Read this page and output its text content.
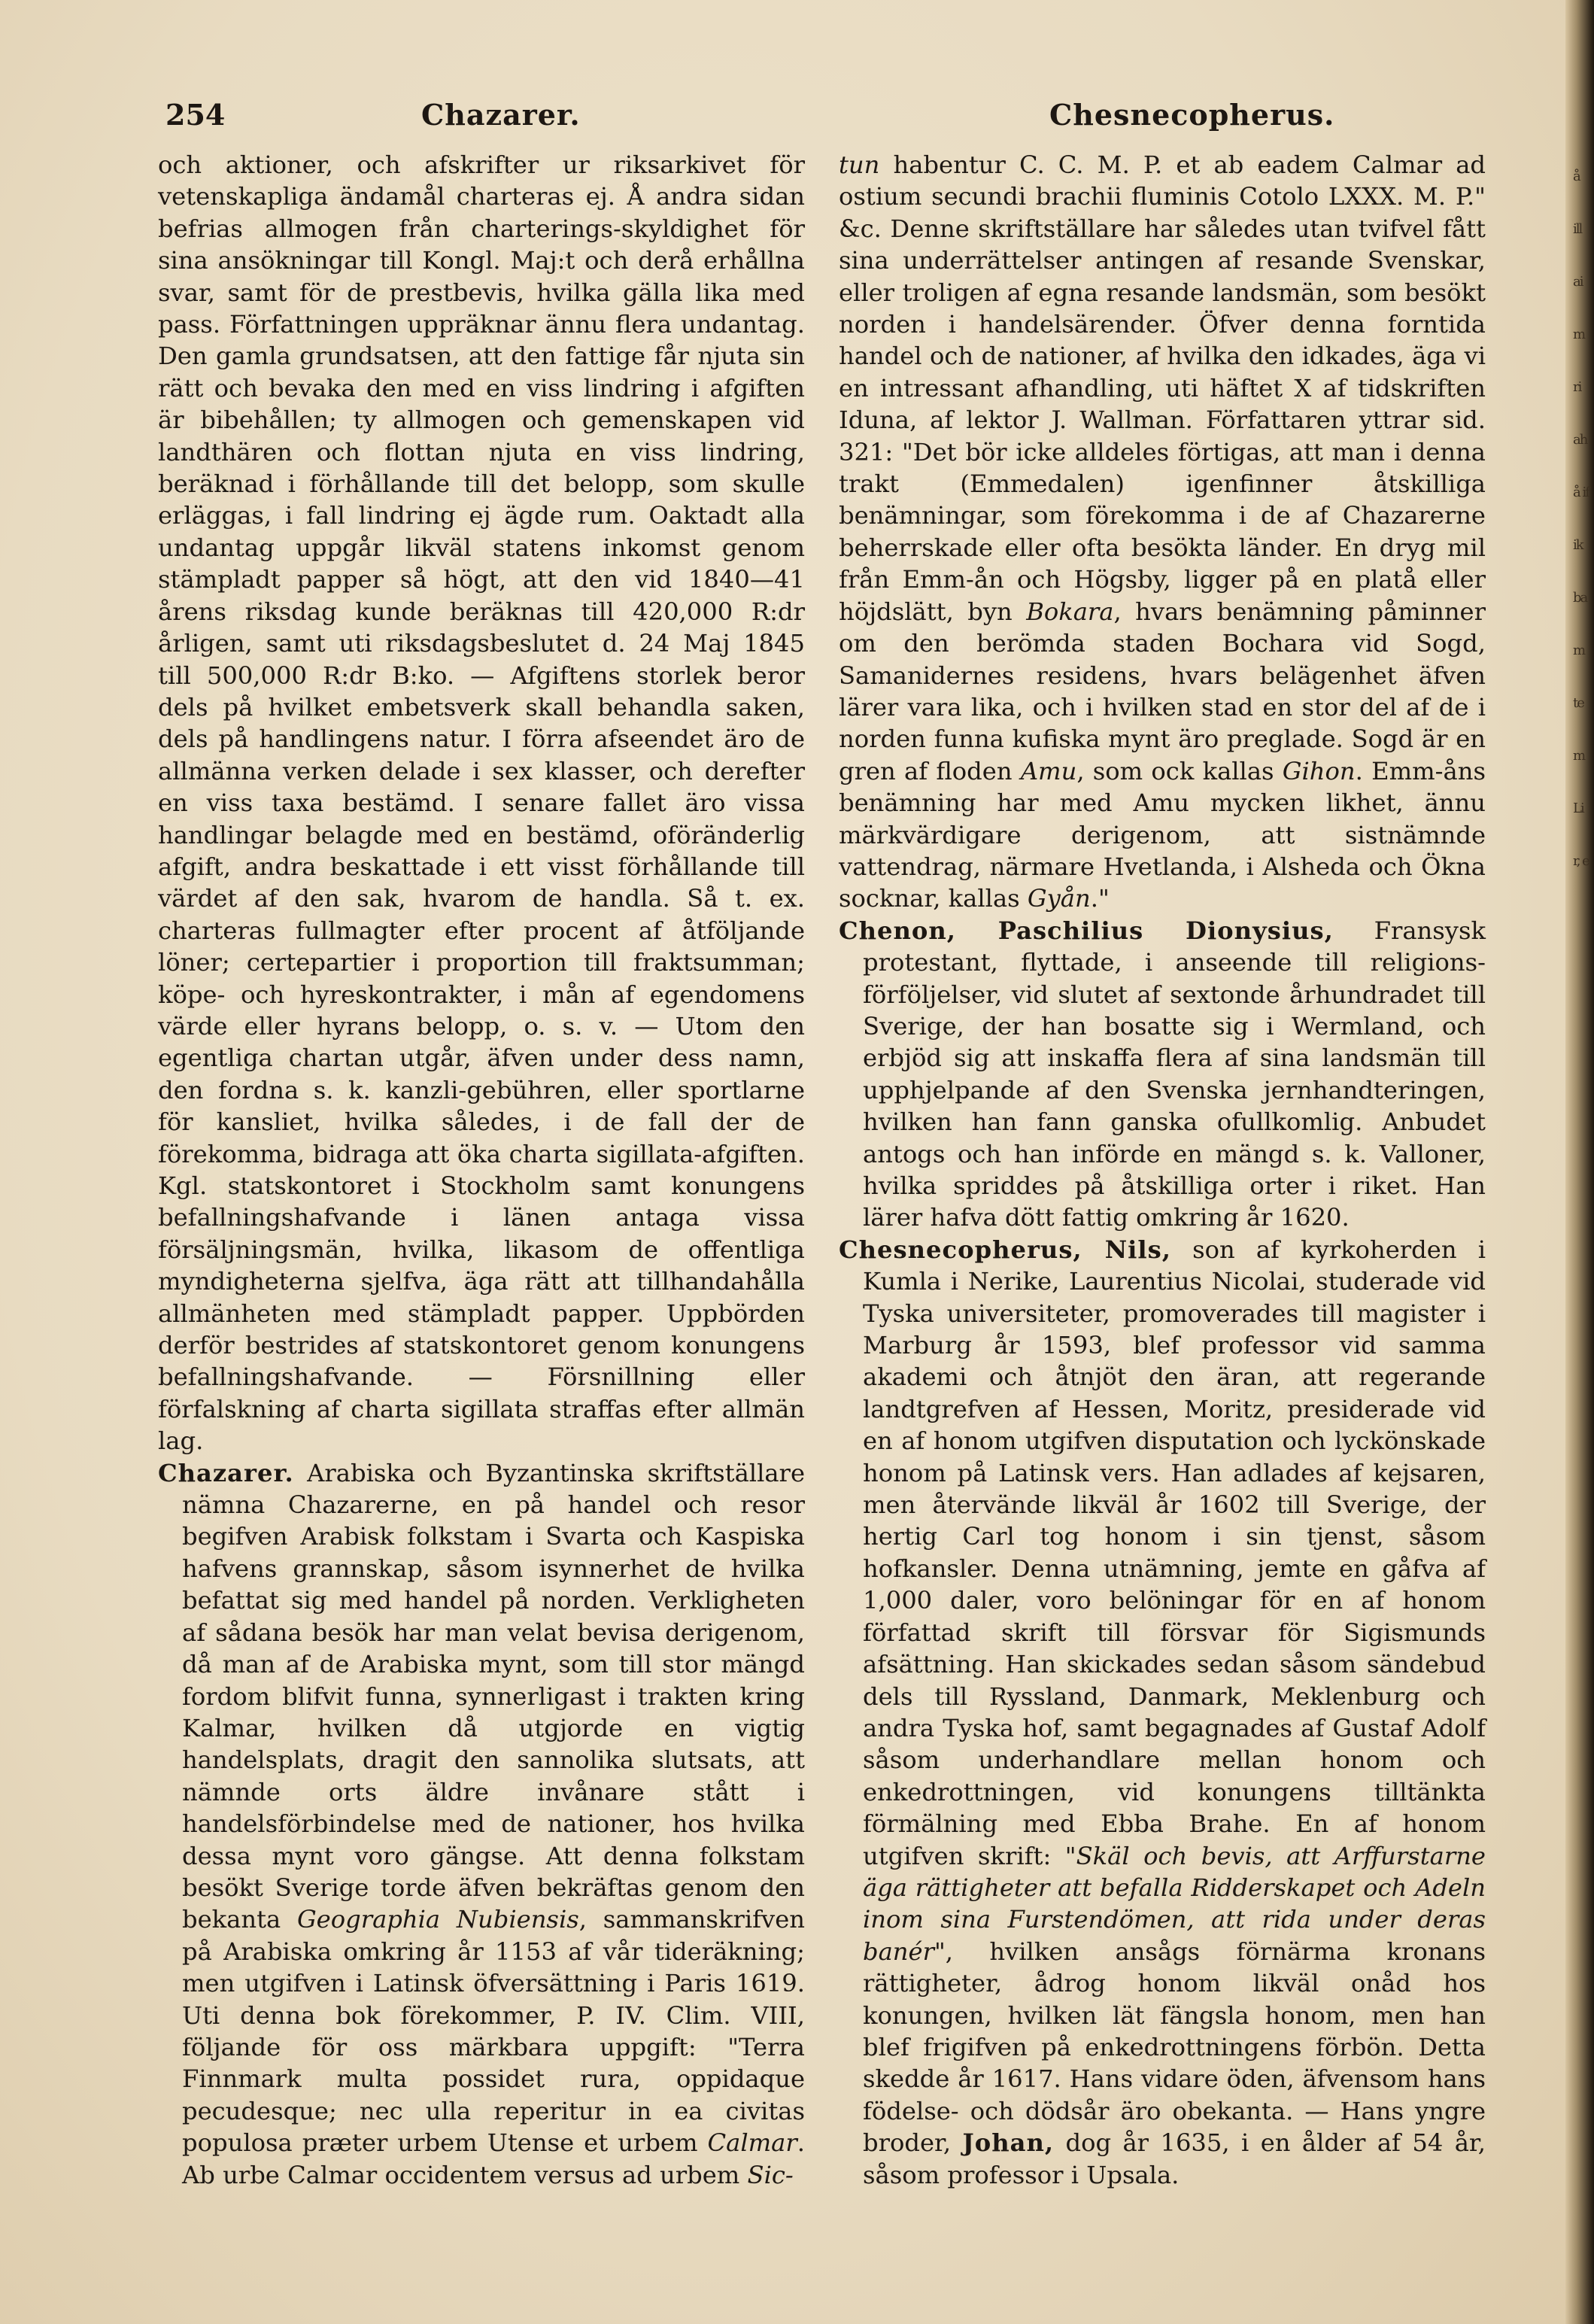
254	Chazarer.	Chesnecopherus.

och aktioner, och afskrifter ur riksarkivet för vetenskapliga ändamål charteras ej. Å andra sidan befrias allmogen från charterings-skyldighet för sina ansökningar till Kongl. Maj:t och derå erhållna svar, samt för de prestbevis, hvilka gälla lika med pass. Författningen uppräknar ännu flera undantag. Den gamla grundsatsen, att den fattige får njuta sin rätt och bevaka den med en viss lindring i afgiften är bibehållen; ty allmogen och gemenskapen vid landthären och flottan njuta en viss lindring, beräknad i förhållande till det belopp, som skulle erläggas, i fall lindring ej ägde rum. Oaktadt alla undantag uppgår likväl statens inkomst genom stämpladt papper så högt, att den vid 1840—41 årens riksdag kunde beräknas till 420,000 R:dr årligen, samt uti riksdagsbeslutet d. 24 Maj 1845 till 500,000 R:dr B:ko. — Afgiftens storlek beror dels på hvilket embetsverk skall behandla saken, dels på handlingens natur. I förra afseendet äro de allmänna verken delade i sex klasser, och derefter en viss taxa bestämd. I senare fallet äro vissa handlingar belagde med en bestämd, oföränderlig afgift, andra beskattade i ett visst förhållande till värdet af den sak, hvarom de handla. Så t. ex. charteras fullmagter efter procent af åtföljande löner; certepartier i proportion till fraktsumman; köpe- och hyreskontrakter, i mån af egendomens värde eller hyrans belopp, o. s. v. — Utom den egentliga chartan utgår, äfven under dess namn, den fordna s. k. kanzli-gebühren, eller sportlarne för kansliet, hvilka således, i de fall der de förekomma, bidraga att öka charta sigillata-afgiften. Kgl. statskontoret i Stockholm samt konungens befallningshafvande i länen antaga vissa försäljningsmän, hvilka, likasom de offentliga myndigheterna sjelfva, äga rätt att tillhandahålla allmänheten med stämpladt papper. Uppbörden derför bestrides af statskontoret genom konungens befallningshafvande. — Försnillning eller förfalskning af charta sigillata straffas efter allmän lag.

Chazarer. Arabiska och Byzantinska skriftställare nämna Chazarerne, en på handel och resor begifven Arabisk folkstam i Svarta och Kaspiska hafvens grannskap, såsom isynnerhet de hvilka befattat sig med handel på norden. Verkligheten af sådana besök har man velat bevisa derigenom, då man af de Arabiska mynt, som till stor mängd fordom blifvit funna, synnerligast i trakten kring Kalmar, hvilken då utgjorde en vigtig handelsplats, dragit den sannolika slutsats, att nämnde orts äldre invånare stått i handelsförbindelse med de nationer, hos hvilka dessa mynt voro gängse. Att denna folkstam besökt Sverige torde äfven bekräftas genom den bekanta Geographia Nubiensis, sammanskrifven på Arabiska omkring år 1153 af vår tideräkning; men utgifven i Latinsk öfversättning i Paris 1619. Uti denna bok förekommer, P. IV. Clim. VIII, följande för oss märkbara uppgift: "Terra Finnmark multa possidet rura, oppidaque pecudesque; nec ulla reperitur in ea civitas populosa præter urbem Utense et urbem Calmar. Ab urbe Calmar occidentem versus ad urbem Sic-

tun habentur C. C. M. P. et ab eadem Calmar ad ostium secundi brachii fluminis Cotolo LXXX. M. P." &c. Denne skriftställare har således utan tvifvel fått sina underrättelser antingen af resande Svenskar, eller troligen af egna resande landsmän, som besökt norden i handelsärender. Öfver denna forntida handel och de nationer, af hvilka den idkades, äga vi en intressant afhandling, uti häftet X af tidskriften Iduna, af lektor J. Wallman. Författaren yttrar sid. 321: "Det bör icke alldeles förtigas, att man i denna trakt (Emmedalen) igenfinner åtskilliga benämningar, som förekomma i de af Chazarerne beherrskade eller ofta besökta länder. En dryg mil från Emm-ån och Högsby, ligger på en platå eller höjdslätt, byn Bokara, hvars benämning påminner om den berömda staden Bochara vid Sogd, Samanidernes residens, hvars belägenhet äfven lärer vara lika, och i hvilken stad en stor del af de i norden funna kufiska mynt äro preglade. Sogd är en gren af floden Amu, som ock kallas Gihon. Emm-åns benämning har med Amu mycken likhet, ännu märkvärdigare derigenom, att sistnämnde vattendrag, närmare Hvetlanda, i Alsheda och Ökna socknar, kallas Gyån."

Chenon, Paschilius Dionysius, Fransysk protestant, flyttade, i anseende till religions-förföljelser, vid slutet af sextonde århundradet till Sverige, der han bosatte sig i Wermland, och erbjöd sig att inskaffa flera af sina landsmän till upphjelpande af den Svenska jernhandteringen, hvilken han fann ganska ofullkomlig. Anbudet antogs och han införde en mängd s. k. Valloner, hvilka spriddes på åtskilliga orter i riket. Han lärer hafva dött fattig omkring år 1620.

Chesnecopherus, Nils, son af kyrkoherden i Kumla i Nerike, Laurentius Nicolai, studerade vid Tyska universiteter, promoverades till magister i Marburg år 1593, blef professor vid samma akademi och åtnjöt den äran, att regerande landtgrefven af Hessen, Moritz, presiderade vid en af honom utgifven disputation och lyckönskade honom på Latinsk vers. Han adlades af kejsaren, men återvände likväl år 1602 till Sverige, der hertig Carl tog honom i sin tjenst, såsom hofkansler. Denna utnämning, jemte en gåfva af 1,000 daler, voro belöningar för en af honom författad skrift till försvar för Sigismunds afsättning. Han skickades sedan såsom sändebud dels till Ryssland, Danmark, Meklenburg och andra Tyska hof, samt begagnades af Gustaf Adolf såsom underhandlare mellan honom och enkedrottningen, vid konungens tilltänkta förmälning med Ebba Brahe. En af honom utgifven skrift: "Skäl och bevis, att Arffurstarne äga rättigheter att befalla Ridderskapet och Adeln inom sina Furstendömen, att rida under deras banér", hvilken ansågs förnärma kronans rättigheter, ådrog honom likväl onåd hos konungen, hvilken lät fängsla honom, men han blef frigifven på enkedrottningens förbön. Detta skedde år 1617. Hans vidare öden, äfvensom hans födelse- och dödsår äro obekanta. — Hans yngre broder, Johan, dog år 1635, i en ålder af 54 år, såsom professor i Upsala.

å ill ai m ri ah å if ik ba m te m Li r, e
